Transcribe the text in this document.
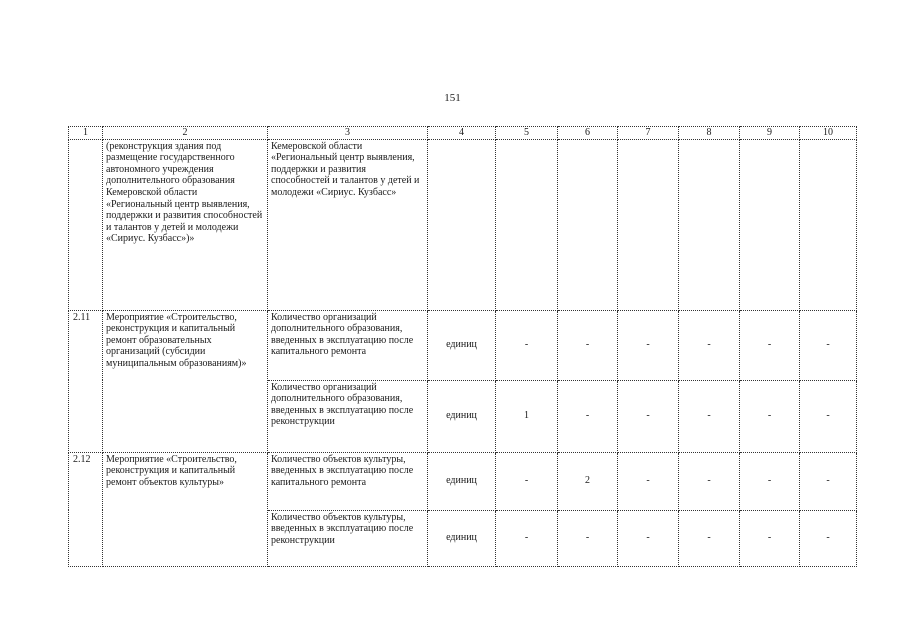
151
1	2	3	4	5	6	7	8	9	10
	(реконструкция здания под размещение государственного автономного учреждения дополнительного образования Кемеровской области «Региональный центр выявления, поддержки и развития способностей и талантов у детей и молодежи «Сириус. Кузбасс»)»	Кемеровской области «Региональный центр выявления, поддержки и развития способностей и талантов у детей и молодежи «Сириус. Кузбасс»							
2.11	Мероприятие «Строительство, реконструкция и капитальный ремонт образовательных организаций (субсидии муниципальным образованиям)»	Количество организаций дополнительного образования, введенных в эксплуатацию после капитального ремонта	единиц	-	-	-	-	-	-
		Количество организаций дополнительного образования, введенных в эксплуатацию после реконструкции	единиц	1	-	-	-	-	-
2.12	Мероприятие «Строительство, реконструкция и капитальный ремонт объектов культуры»	Количество объектов культуры, введенных в эксплуатацию после капитального ремонта	единиц	-	2	-	-	-	-
		Количество объектов культуры, введенных в эксплуатацию после реконструкции	единиц	-	-	-	-	-	-
